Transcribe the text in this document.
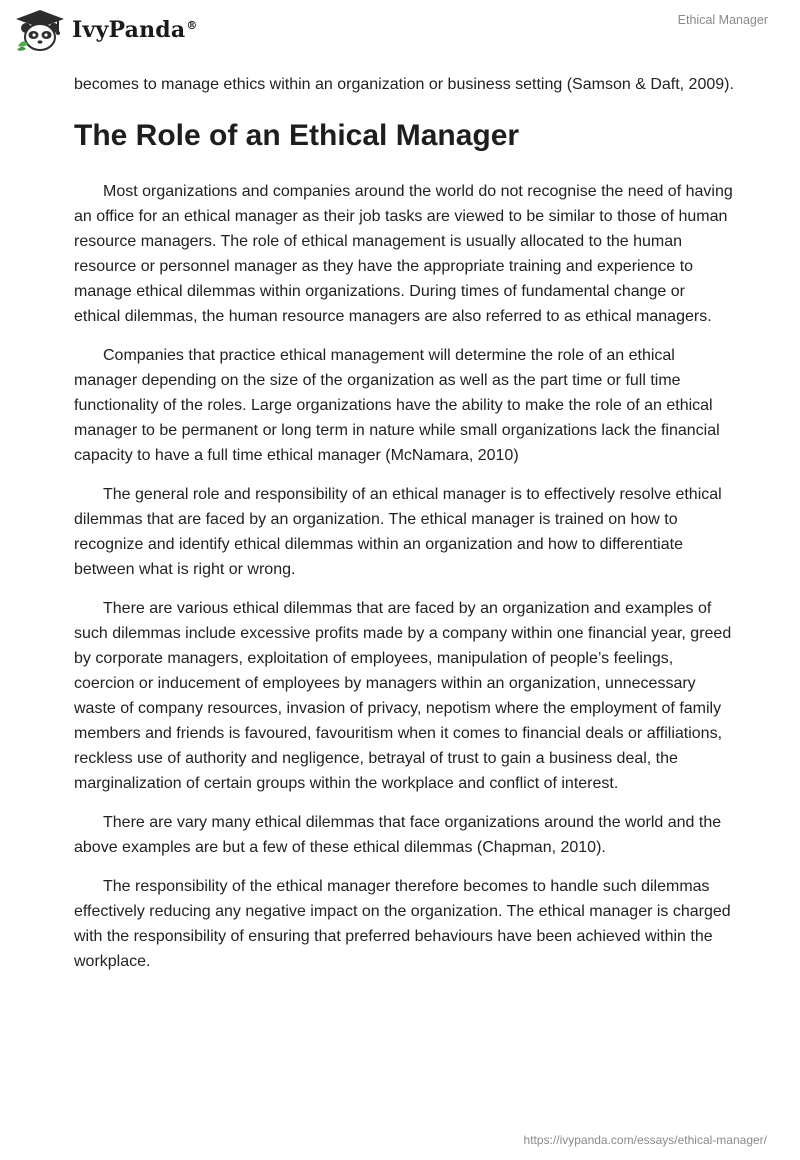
IvyPanda®	Ethical Manager

becomes to manage ethics within an organization or business setting (Samson & Daft, 2009).

The Role of an Ethical Manager

Most organizations and companies around the world do not recognise the need of having an office for an ethical manager as their job tasks are viewed to be similar to those of human resource managers. The role of ethical management is usually allocated to the human resource or personnel manager as they have the appropriate training and experience to manage ethical dilemmas within organizations. During times of fundamental change or ethical dilemmas, the human resource managers are also referred to as ethical managers.

Companies that practice ethical management will determine the role of an ethical manager depending on the size of the organization as well as the part time or full time functionality of the roles. Large organizations have the ability to make the role of an ethical manager to be permanent or long term in nature while small organizations lack the financial capacity to have a full time ethical manager (McNamara, 2010)

The general role and responsibility of an ethical manager is to effectively resolve ethical dilemmas that are faced by an organization. The ethical manager is trained on how to recognize and identify ethical dilemmas within an organization and how to differentiate between what is right or wrong.

There are various ethical dilemmas that are faced by an organization and examples of such dilemmas include excessive profits made by a company within one financial year, greed by corporate managers, exploitation of employees, manipulation of people’s feelings, coercion or inducement of employees by managers within an organization, unnecessary waste of company resources, invasion of privacy, nepotism where the employment of family members and friends is favoured, favouritism when it comes to financial deals or affiliations, reckless use of authority and negligence, betrayal of trust to gain a business deal, the marginalization of certain groups within the workplace and conflict of interest.

There are vary many ethical dilemmas that face organizations around the world and the above examples are but a few of these ethical dilemmas (Chapman, 2010).

The responsibility of the ethical manager therefore becomes to handle such dilemmas effectively reducing any negative impact on the organization. The ethical manager is charged with the responsibility of ensuring that preferred behaviours have been achieved within the workplace.

https://ivypanda.com/essays/ethical-manager/
